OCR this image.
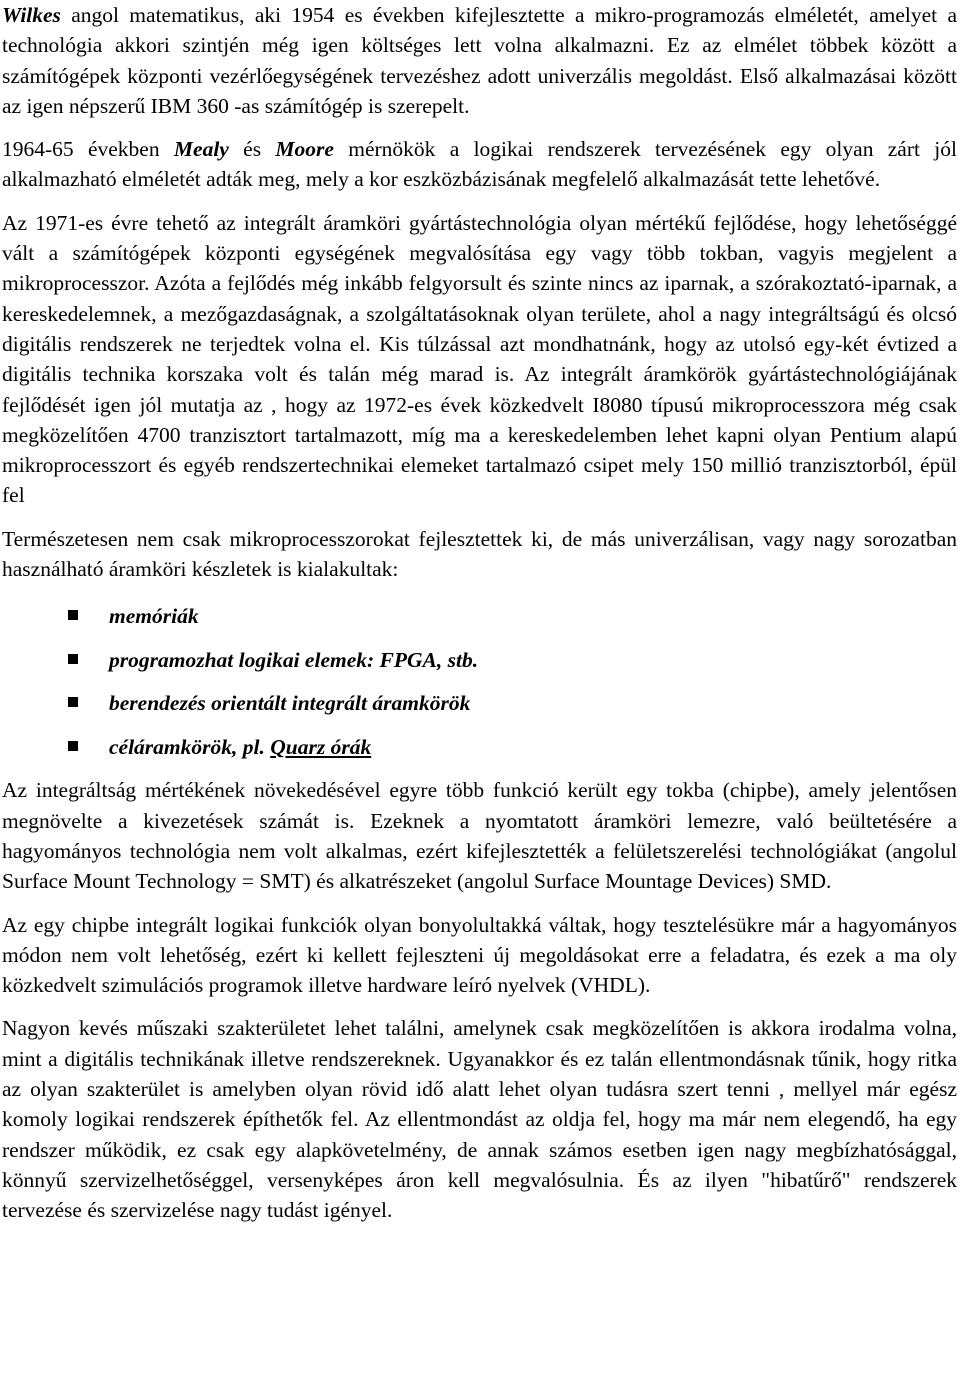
Wilkes angol matematikus, aki 1954 es években kifejlesztette a mikro-programozás elméletét, amelyet a technológia akkori szintjén még igen költséges lett volna alkalmazni. Ez az elmélet többek között a számítógépek központi vezérlőegységének tervezéshez adott univerzális megoldást. Első alkalmazásai között az igen népszerű IBM 360 -as számítógép is szerepelt.

1964-65 években Mealy és Moore mérnökök a logikai rendszerek tervezésének egy olyan zárt jól alkalmazható elméletét adták meg, mely a kor eszközbázisának megfelelő alkalmazását tette lehetővé.

Az 1971-es évre tehető az integrált áramköri gyártástechnológia olyan mértékű fejlődése, hogy lehetőséggé vált a számítógépek központi egységének megvalósítása egy vagy több tokban, vagyis megjelent a mikroprocesszor. Azóta a fejlődés még inkább felgyorsult és szinte nincs az iparnak, a szórakoztató-iparnak, a kereskedelemnek, a mezőgazdaságnak, a szolgáltatásoknak olyan területe, ahol a nagy integráltságú és olcsó digitális rendszerek ne terjedtek volna el. Kis túlzással azt mondhatnánk, hogy az utolsó egy-két évtized a digitális technika korszaka volt és talán még marad is. Az integrált áramkörök gyártástechnológiájának fejlődését igen jól mutatja az , hogy az 1972-es évek közkedvelt I8080 típusú mikroprocesszora még csak megközelítően 4700 tranzisztort tartalmazott, míg ma a kereskedelemben lehet kapni olyan Pentium alapú mikroprocesszort és egyéb rendszertechnikai elemeket tartalmazó csipet mely 150 millió tranzisztorból, épül fel

Természetesen nem csak mikroprocesszorokat fejlesztettek ki, de más univerzálisan, vagy nagy sorozatban használható áramköri készletek is kialakultak:

memóriák
programozhat logikai elemek: FPGA, stb.
berendezés orientált integrált áramkörök
céláramkörök, pl. Quarz órák

Az integráltság mértékének növekedésével egyre több funkció került egy tokba (chipbe), amely jelentősen megnövelte a kivezetések számát is. Ezeknek a nyomtatott áramköri lemezre, való beültetésére a hagyományos technológia nem volt alkalmas, ezért kifejlesztették a felületszerelési technológiákat (angolul Surface Mount Technology = SMT) és alkatrészeket (angolul Surface Mountage Devices) SMD.

Az egy chipbe integrált logikai funkciók olyan bonyolultakká váltak, hogy tesztelésükre már a hagyományos módon nem volt lehetőség, ezért ki kellett fejleszteni új megoldásokat erre a feladatra, és ezek a ma oly közkedvelt szimulációs programok illetve hardware leíró nyelvek (VHDL).

Nagyon kevés műszaki szakterületet lehet találni, amelynek csak megközelítően is akkora irodalma volna, mint a digitális technikának illetve rendszereknek. Ugyanakkor és ez talán ellentmondásnak tűnik, hogy ritka az olyan szakterület is amelyben olyan rövid idő alatt lehet olyan tudásra szert tenni , mellyel már egész komoly logikai rendszerek építhetők fel. Az ellentmondást az oldja fel, hogy ma már nem elegendő, ha egy rendszer működik, ez csak egy alapkövetelmény, de annak számos esetben igen nagy megbízhatósággal, könnyű szervizelhetőséggel, versenyképes áron kell megvalósulnia. És az ilyen "hibatűrő" rendszerek tervezése és szervizelése nagy tudást igényel.
